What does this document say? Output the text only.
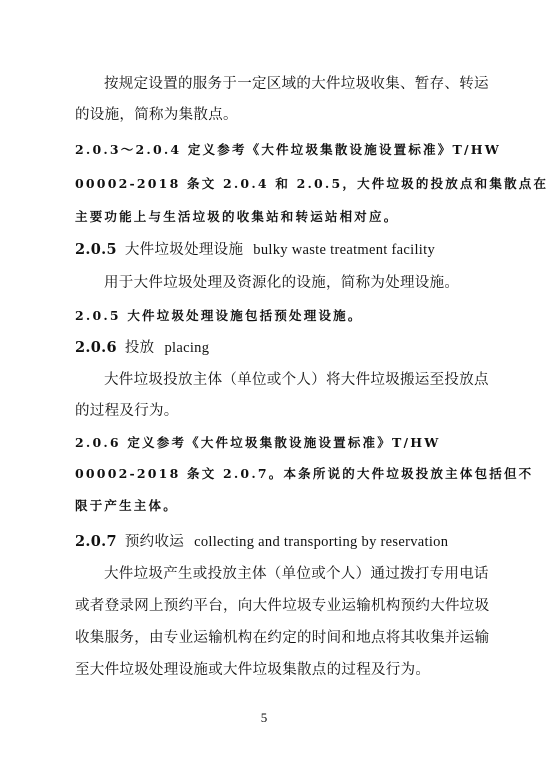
按规定设置的服务于一定区域的大件垃圾收集、暂存、转运
的设施，简称为集散点。
2.0.3～2.0.4 定义参考《大件垃圾集散设施设置标准》T/HW
00002-2018 条文 2.0.4 和 2.0.5，大件垃圾的投放点和集散点在
主要功能上与生活垃圾的收集站和转运站相对应。
2.0.5 大件垃圾处理设施 bulky waste treatment facility
用于大件垃圾处理及资源化的设施，简称为处理设施。
2.0.5 大件垃圾处理设施包括预处理设施。
2.0.6 投放 placing
大件垃圾投放主体（单位或个人）将大件垃圾搬运至投放点
的过程及行为。
2.0.6 定义参考《大件垃圾集散设施设置标准》T/HW
00002-2018 条文 2.0.7。本条所说的大件垃圾投放主体包括但不
限于产生主体。
2.0.7 预约收运 collecting and transporting by reservation
大件垃圾产生或投放主体（单位或个人）通过拨打专用电话
或者登录网上预约平台，向大件垃圾专业运输机构预约大件垃圾
收集服务，由专业运输机构在约定的时间和地点将其收集并运输
至大件垃圾处理设施或大件垃圾集散点的过程及行为。
5
